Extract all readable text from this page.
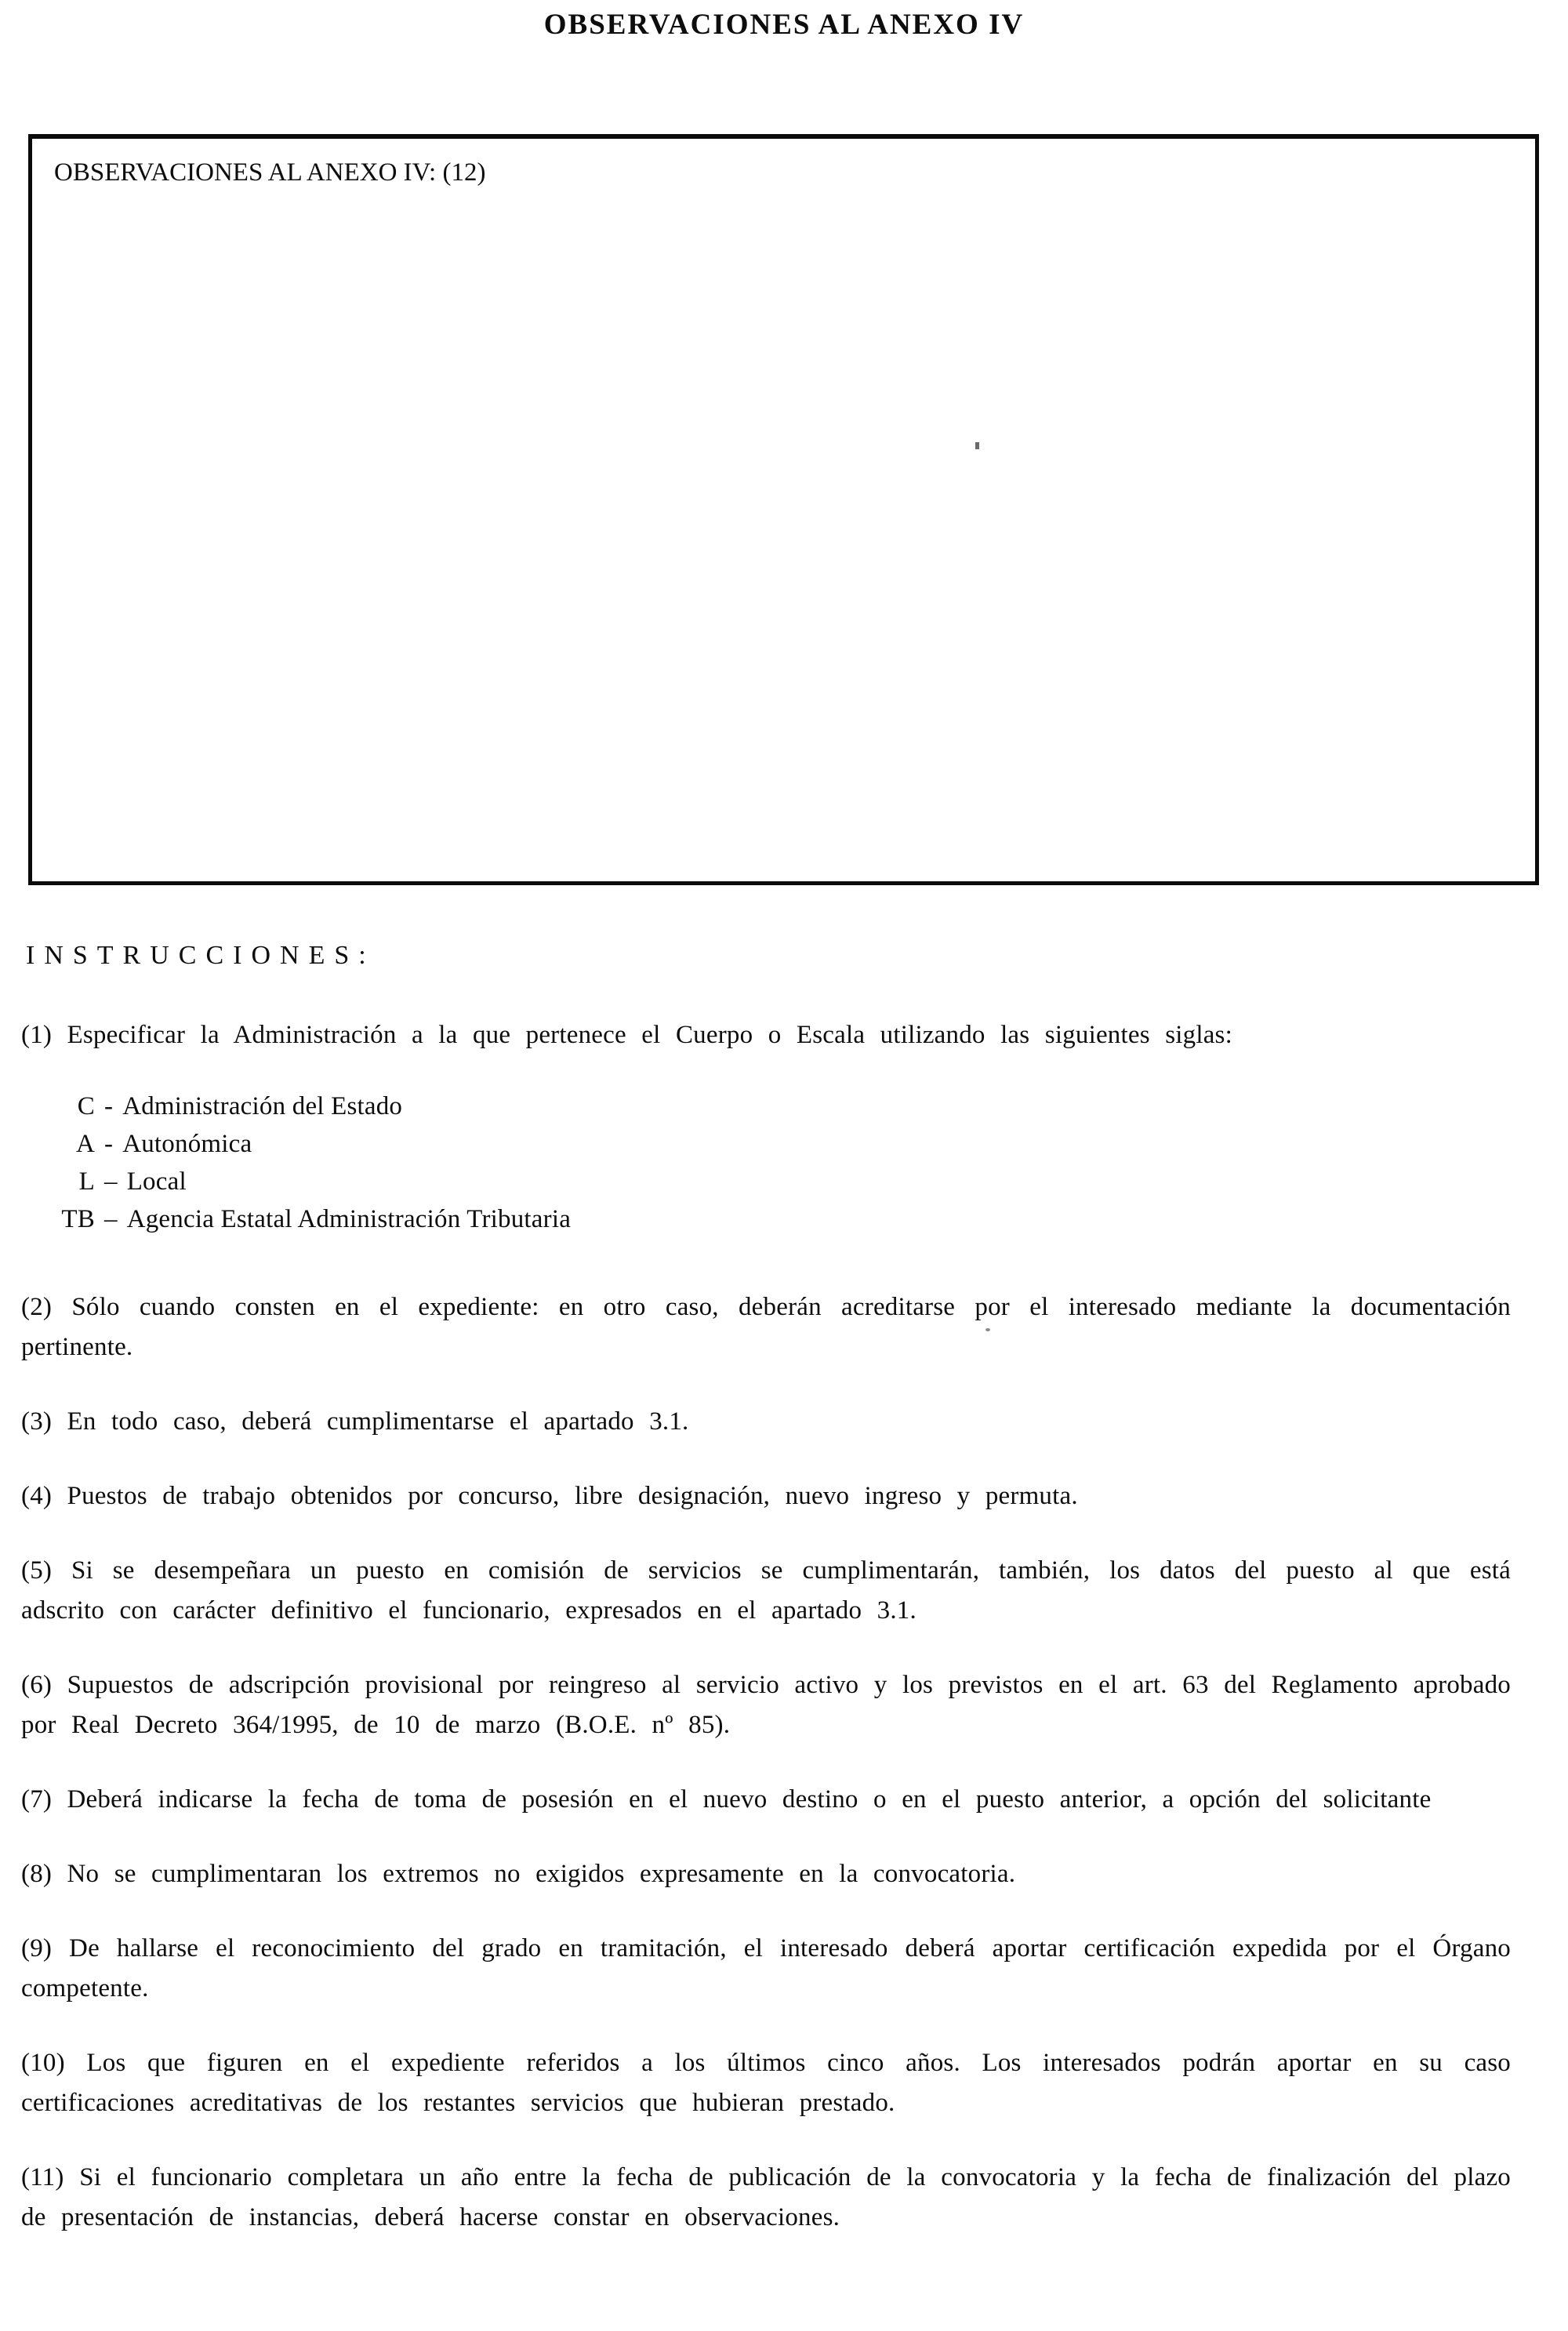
OBSERVACIONES AL ANEXO IV

OBSERVACIONES AL ANEXO IV: (12)

INSTRUCCIONES:

(1) Especificar la Administración a la que pertenece el Cuerpo o Escala utilizando las siguientes siglas:

C - Administración del Estado
A - Autonómica
L – Local
TB – Agencia Estatal Administración Tributaria

(2) Sólo cuando consten en el expediente: en otro caso, deberán acreditarse por el interesado mediante la documentación pertinente.

(3) En todo caso, deberá cumplimentarse el apartado 3.1.

(4) Puestos de trabajo obtenidos por concurso, libre designación, nuevo ingreso y permuta.

(5) Si se desempeñara un puesto en comisión de servicios se cumplimentarán, también, los datos del puesto al que está adscrito con carácter definitivo el funcionario, expresados en el apartado 3.1.

(6) Supuestos de adscripción provisional por reingreso al servicio activo y los previstos en el art. 63 del Reglamento aprobado por Real Decreto 364/1995, de 10 de marzo (B.O.E. nº 85).

(7) Deberá indicarse la fecha de toma de posesión en el nuevo destino o en el puesto anterior, a opción del solicitante

(8) No se cumplimentaran los extremos no exigidos expresamente en la convocatoria.

(9) De hallarse el reconocimiento del grado en tramitación, el interesado deberá aportar certificación expedida por el Órgano competente.

(10) Los que figuren en el expediente referidos a los últimos cinco años. Los interesados podrán aportar en su caso certificaciones acreditativas de los restantes servicios que hubieran prestado.

(11) Si el funcionario completara un año entre la fecha de publicación de la convocatoria y la fecha de finalización del plazo de presentación de instancias, deberá hacerse constar en observaciones.
